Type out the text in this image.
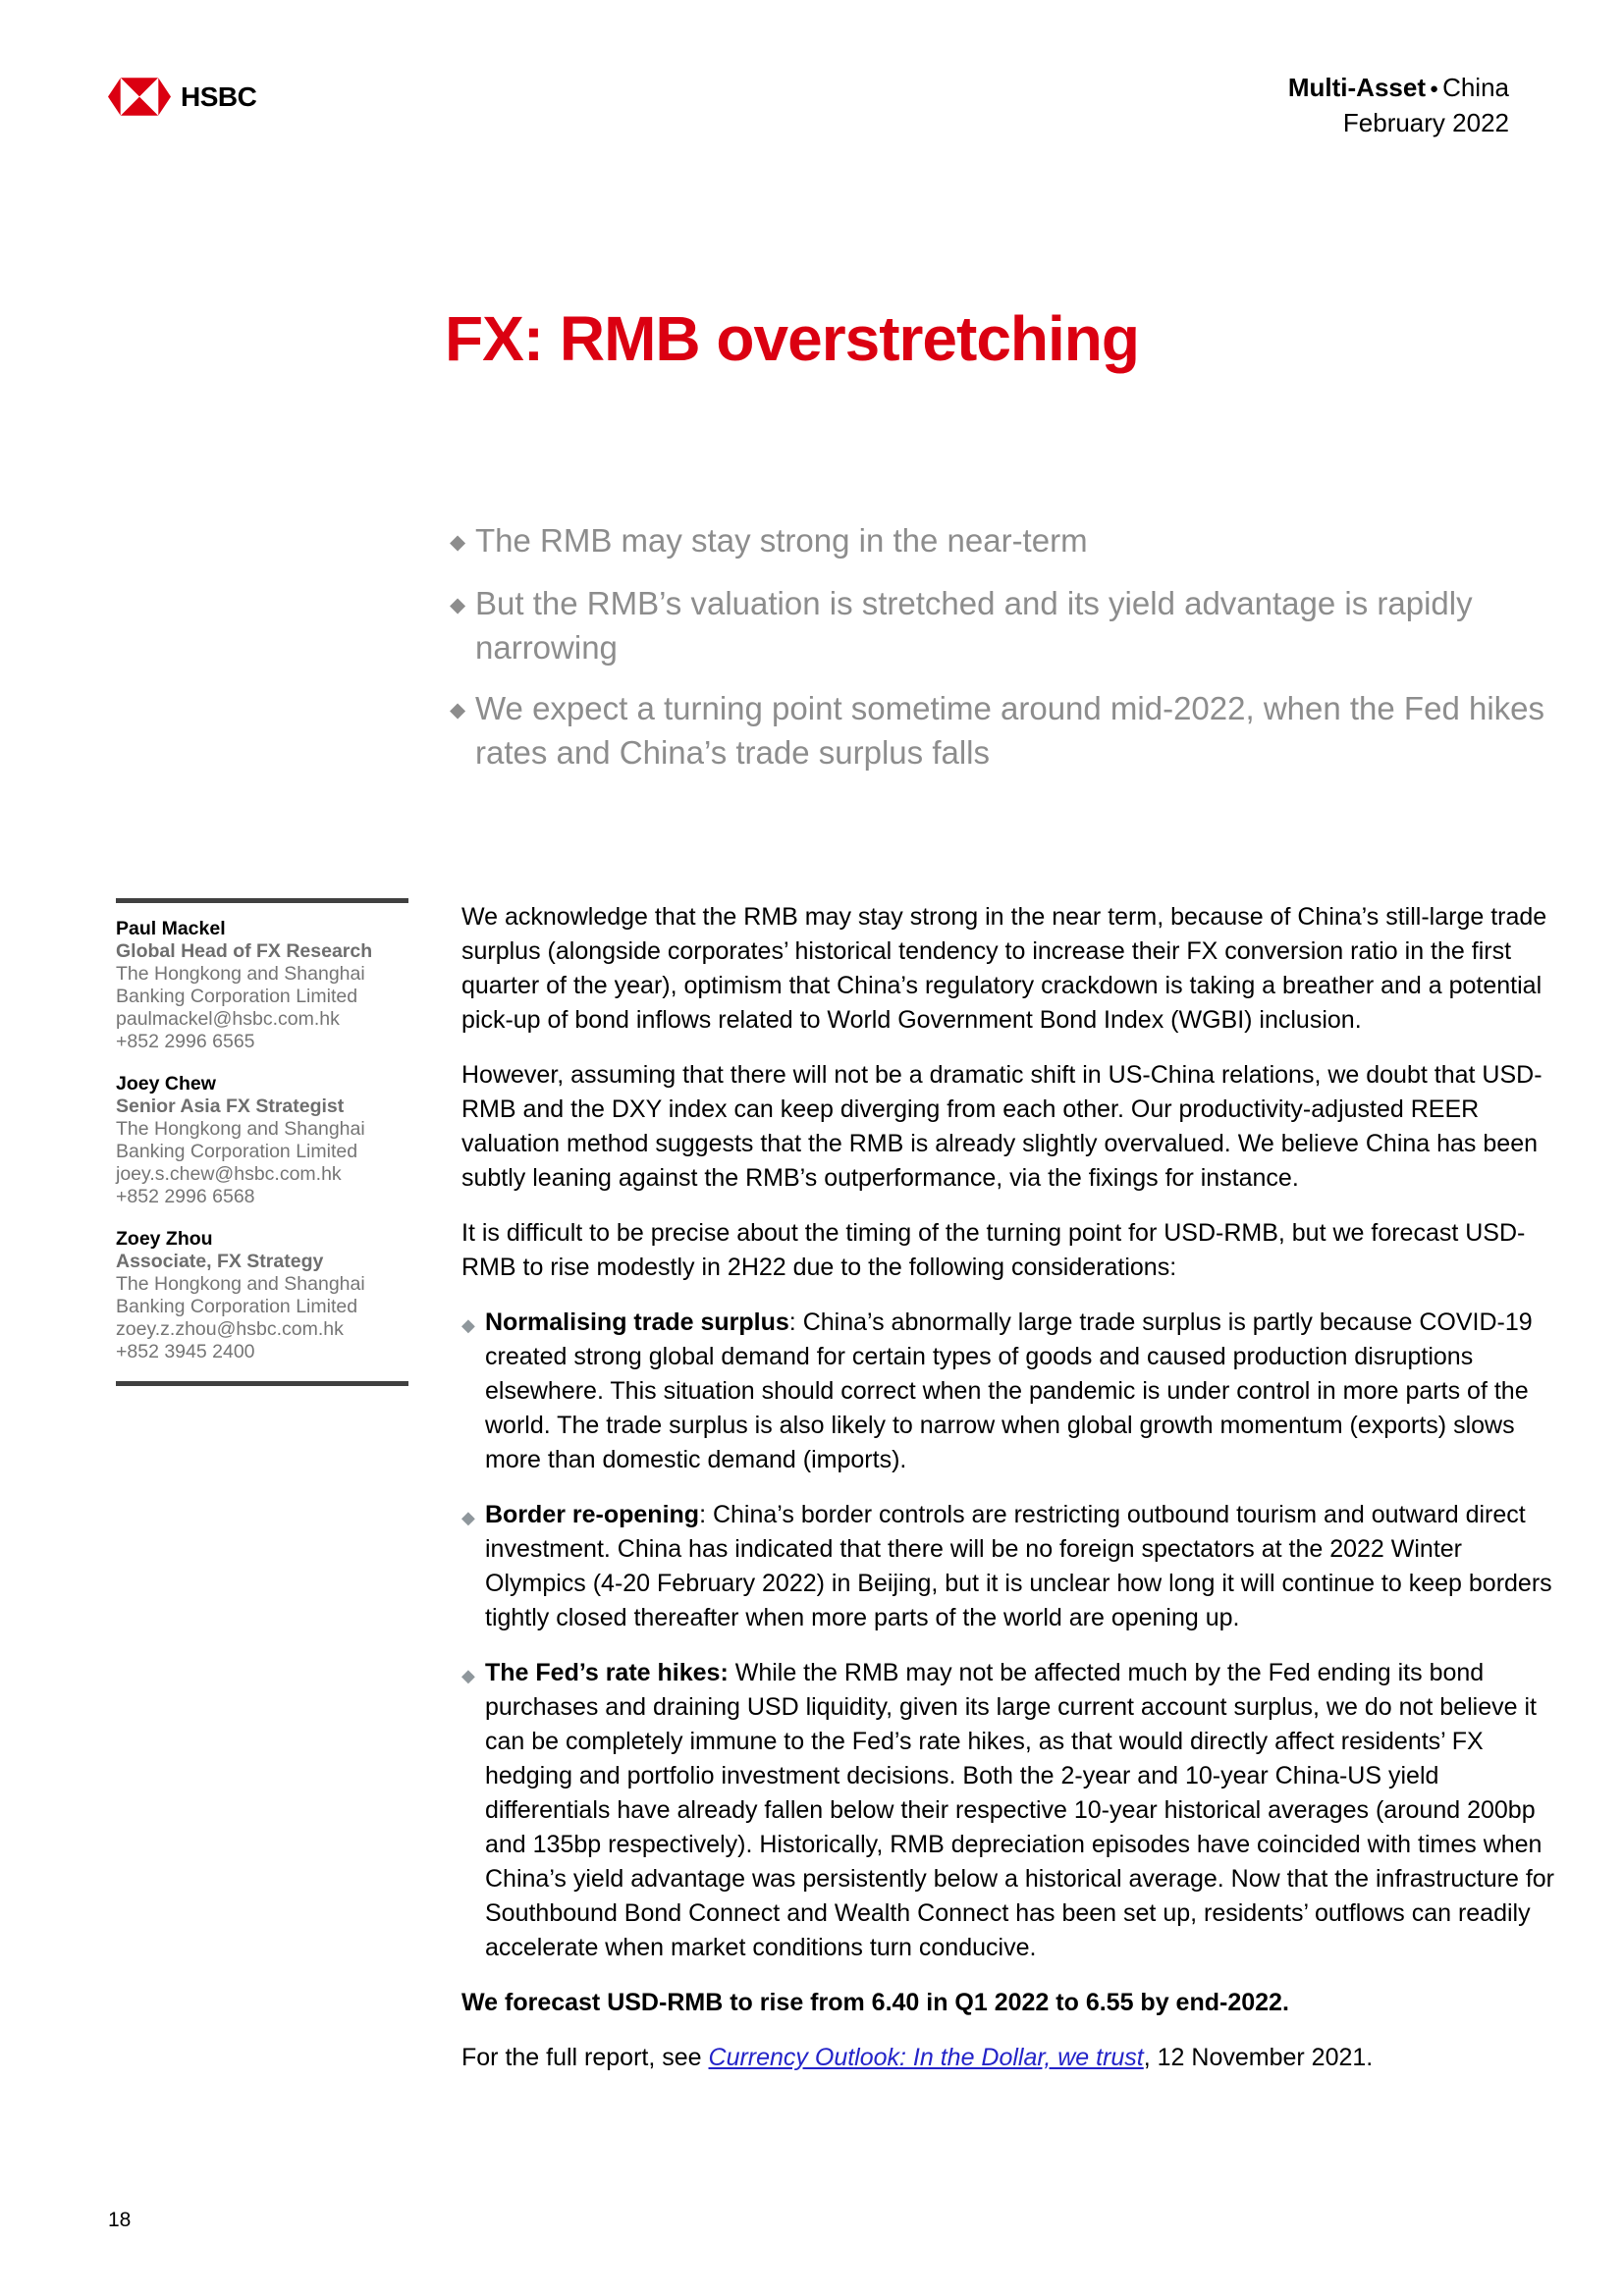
HSBC	Multi-Asset ● China
February 2022
FX: RMB overstretching
◆ The RMB may stay strong in the near-term
◆ But the RMB’s valuation is stretched and its yield advantage is rapidly narrowing
◆ We expect a turning point sometime around mid-2022, when the Fed hikes rates and China’s trade surplus falls
Paul Mackel
Global Head of FX Research
The Hongkong and Shanghai
Banking Corporation Limited
paulmackel@hsbc.com.hk
+852 2996 6565
Joey Chew
Senior Asia FX Strategist
The Hongkong and Shanghai
Banking Corporation Limited
joey.s.chew@hsbc.com.hk
+852 2996 6568
Zoey Zhou
Associate, FX Strategy
The Hongkong and Shanghai
Banking Corporation Limited
zoey.z.zhou@hsbc.com.hk
+852 3945 2400

We acknowledge that the RMB may stay strong in the near term, because of China’s still-large trade surplus (alongside corporates’ historical tendency to increase their FX conversion ratio in the first quarter of the year), optimism that China’s regulatory crackdown is taking a breather and a potential pick-up of bond inflows related to World Government Bond Index (WGBI) inclusion.

However, assuming that there will not be a dramatic shift in US-China relations, we doubt that USD-RMB and the DXY index can keep diverging from each other. Our productivity-adjusted REER valuation method suggests that the RMB is already slightly overvalued. We believe China has been subtly leaning against the RMB’s outperformance, via the fixings for instance.

It is difficult to be precise about the timing of the turning point for USD-RMB, but we forecast USD-RMB to rise modestly in 2H22 due to the following considerations:

◆ Normalising trade surplus: China’s abnormally large trade surplus is partly because COVID-19 created strong global demand for certain types of goods and caused production disruptions elsewhere. This situation should correct when the pandemic is under control in more parts of the world. The trade surplus is also likely to narrow when global growth momentum (exports) slows more than domestic demand (imports).
◆ Border re-opening: China’s border controls are restricting outbound tourism and outward direct investment. China has indicated that there will be no foreign spectators at the 2022 Winter Olympics (4-20 February 2022) in Beijing, but it is unclear how long it will continue to keep borders tightly closed thereafter when more parts of the world are opening up.
◆ The Fed’s rate hikes: While the RMB may not be affected much by the Fed ending its bond purchases and draining USD liquidity, given its large current account surplus, we do not believe it can be completely immune to the Fed’s rate hikes, as that would directly affect residents’ FX hedging and portfolio investment decisions. Both the 2-year and 10-year China-US yield differentials have already fallen below their respective 10-year historical averages (around 200bp and 135bp respectively). Historically, RMB depreciation episodes have coincided with times when China’s yield advantage was persistently below a historical average. Now that the infrastructure for Southbound Bond Connect and Wealth Connect has been set up, residents’ outflows can readily accelerate when market conditions turn conducive.

We forecast USD-RMB to rise from 6.40 in Q1 2022 to 6.55 by end-2022.

For the full report, see Currency Outlook: In the Dollar, we trust, 12 November 2021.

18
